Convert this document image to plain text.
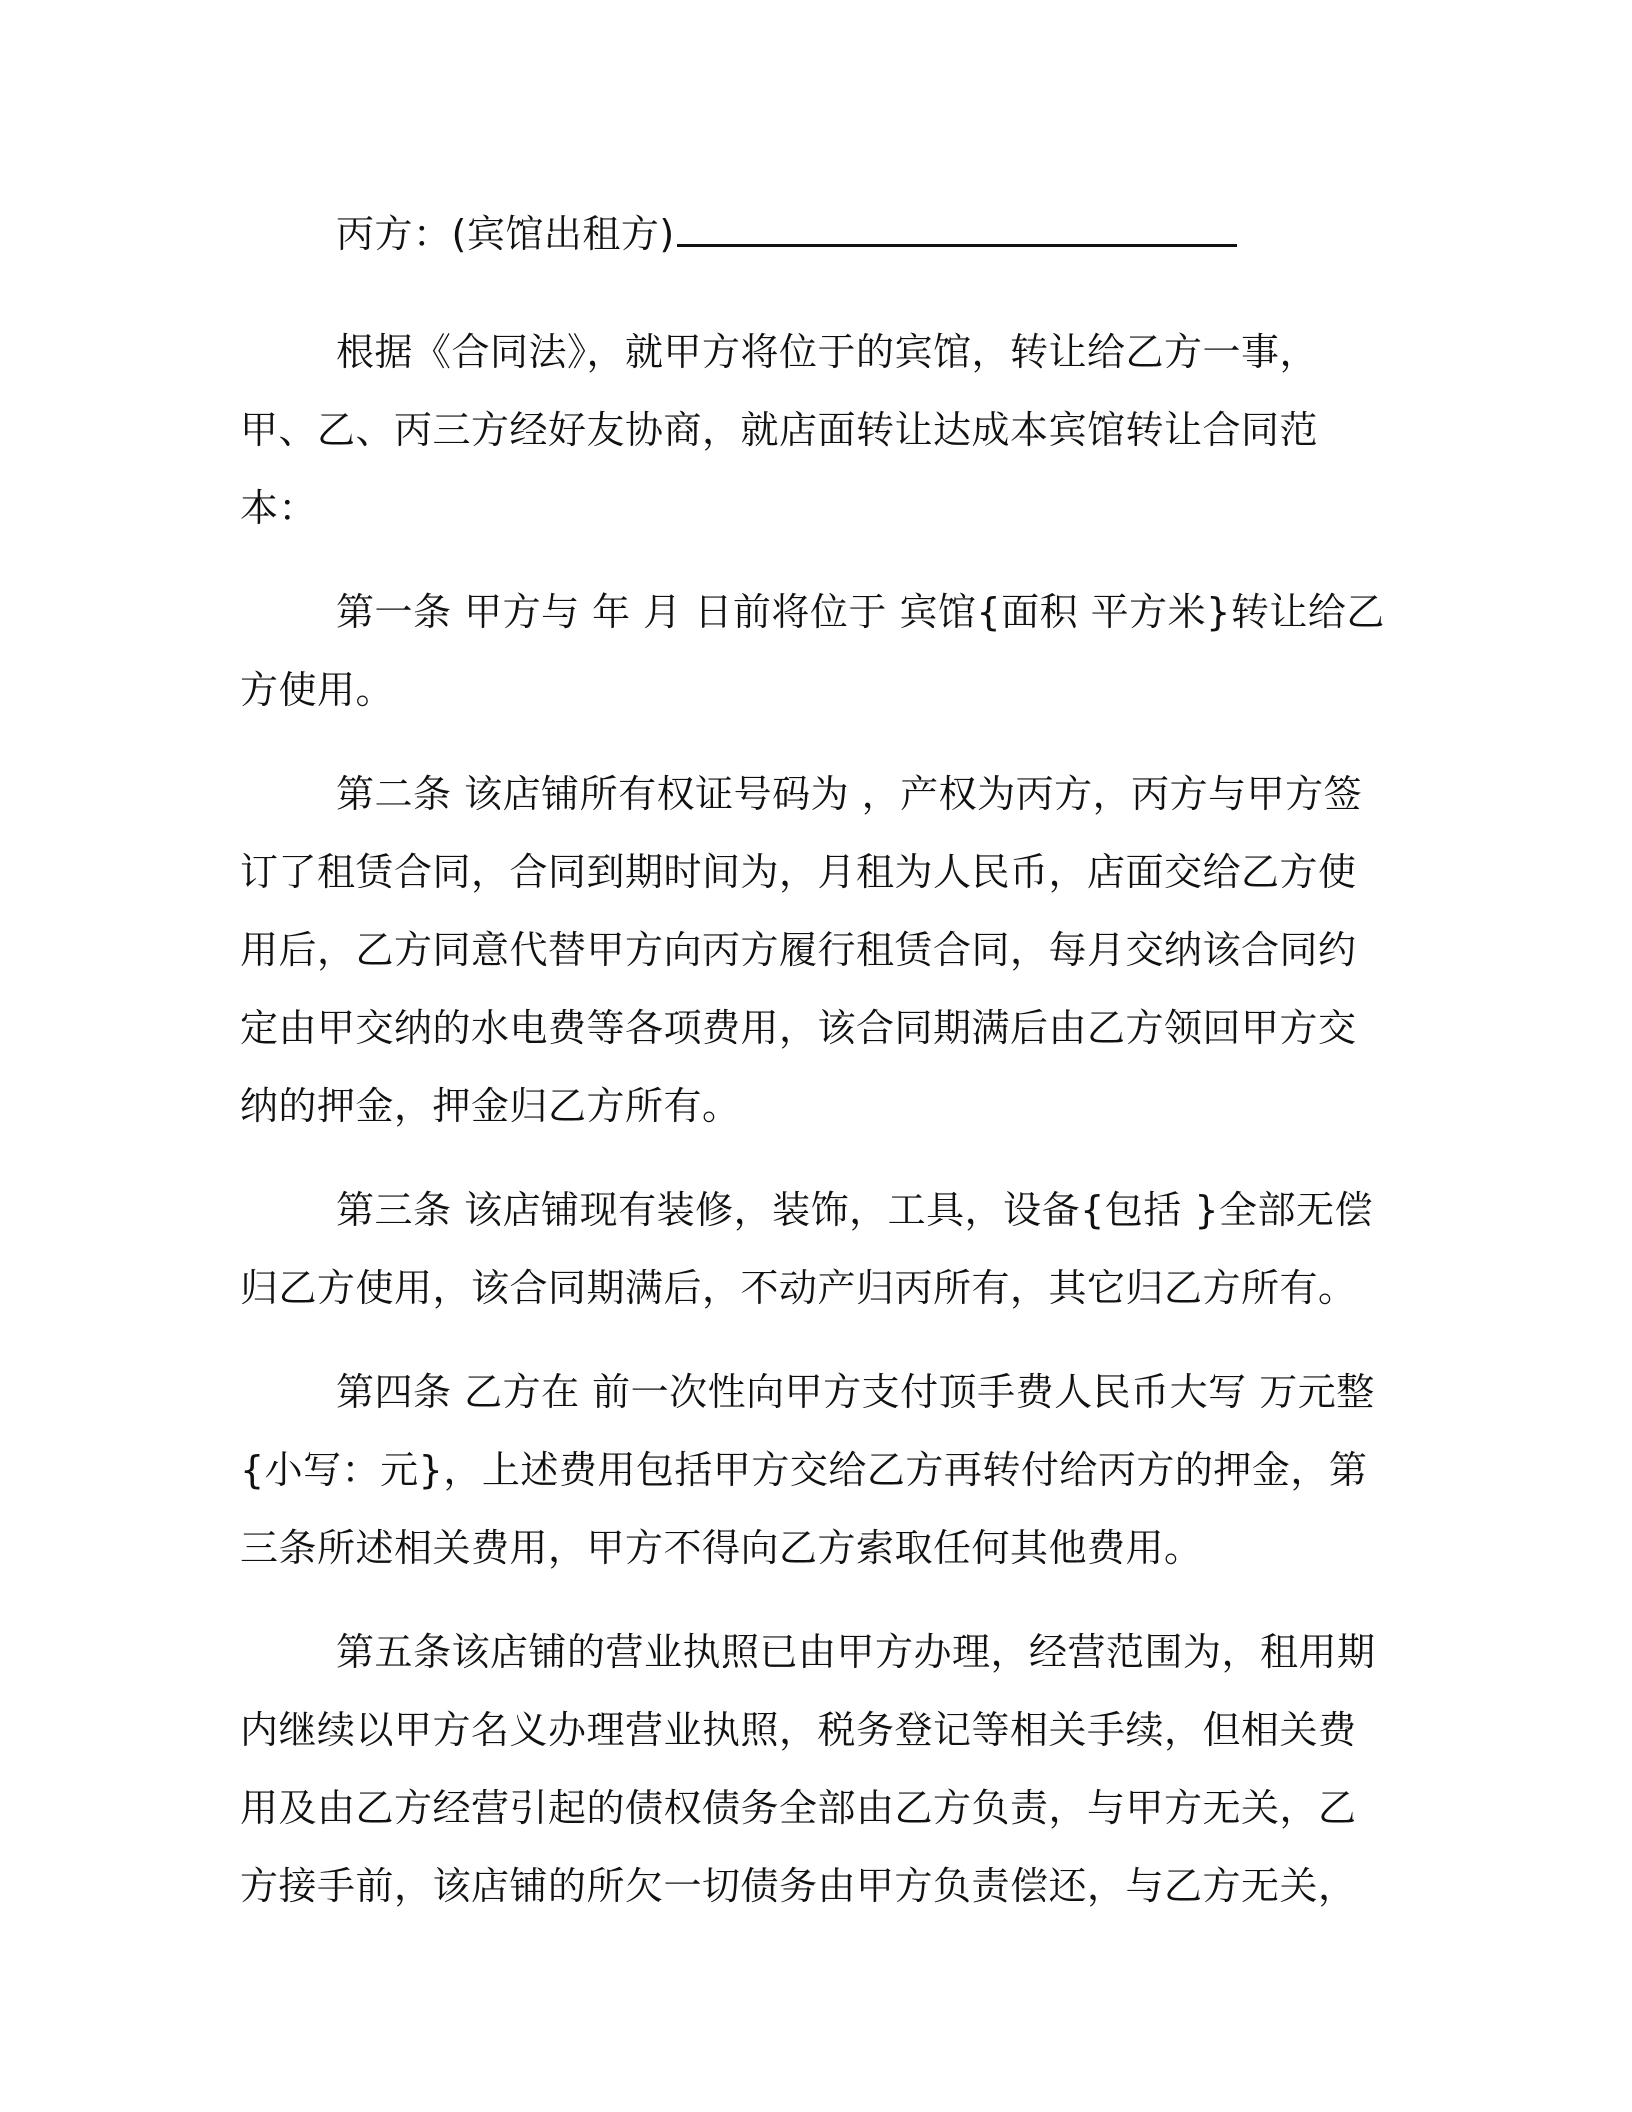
丙方：(宾馆出租方)

根据《合同法》，就甲方将位于的宾馆，转让给乙方一事，甲、乙、丙三方经好友协商，就店面转让达成本宾馆转让合同范本：

第一条 甲方与 年 月 日前将位于 宾馆{面积 平方米}转让给乙方使用。

第二条 该店铺所有权证号码为 ，产权为丙方，丙方与甲方签订了租赁合同，合同到期时间为，月租为人民币，店面交给乙方使用后，乙方同意代替甲方向丙方履行租赁合同，每月交纳该合同约定由甲交纳的水电费等各项费用，该合同期满后由乙方领回甲方交纳的押金，押金归乙方所有。

第三条 该店铺现有装修，装饰，工具，设备{包括 }全部无偿归乙方使用，该合同期满后，不动产归丙所有，其它归乙方所有。

第四条 乙方在 前一次性向甲方支付顶手费人民币大写 万元整{小写：元}，上述费用包括甲方交给乙方再转付给丙方的押金，第三条所述相关费用，甲方不得向乙方索取任何其他费用。

第五条该店铺的营业执照已由甲方办理，经营范围为，租用期内继续以甲方名义办理营业执照，税务登记等相关手续，但相关费用及由乙方经营引起的债权债务全部由乙方负责，与甲方无关，乙方接手前，该店铺的所欠一切债务由甲方负责偿还，与乙方无关，
